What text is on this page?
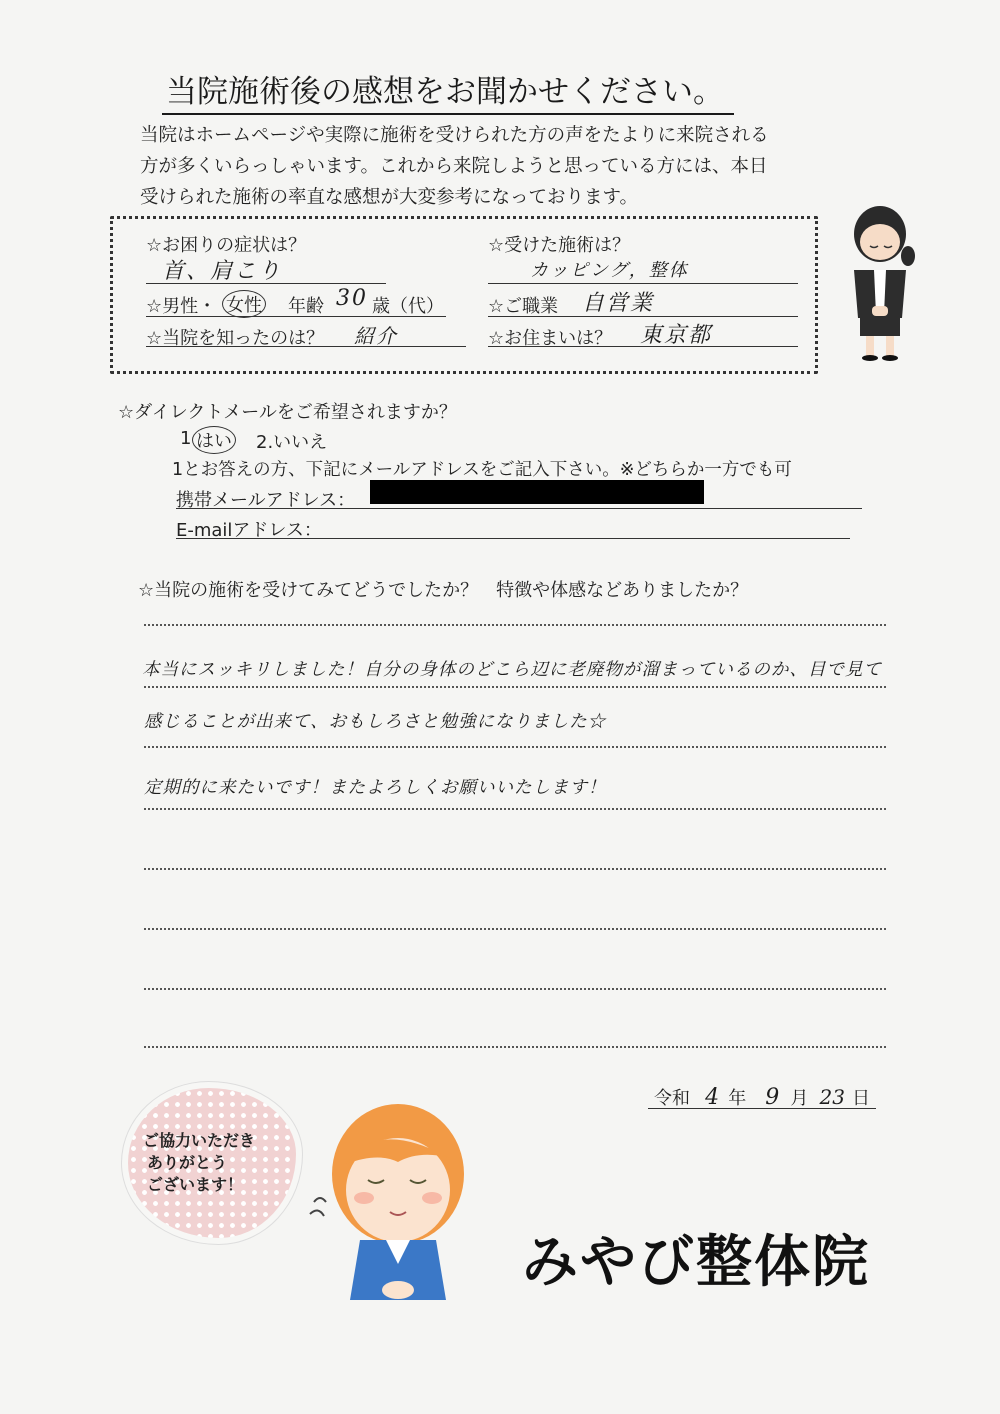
当院施術後の感想をお聞かせください。
当院はホームページや実際に施術を受けられた方の声をたよりに来院される
方が多くいらっしゃいます。これから来院しようと思っている方には、本日
受けられた施術の率直な感想が大変参考になっております。
☆お困りの症状は？
首、肩こり
☆受けた施術は？
カッピング，整体
☆男性・ 女性 年齢 30 歳（代） ☆ご職業 自営業
☆当院を知ったのは？ 紹介	☆お住まいは？ 東京都
☆ダイレクトメールをご希望されますか？
1 はい 2.いいえ
1とお答えの方、下記にメールアドレスをご記入下さい。※どちらか一方でも可
携帯メールアドレス：
E-mailアドレス：
☆当院の施術を受けてみてどうでしたか？　特徴や体感などありましたか？
本当にスッキリしました！自分の身体のどこら辺に老廃物が溜まっているのか、目で見て
感じることが出来て、おもしろさと勉強になりました☆
定期的に来たいです！またよろしくお願いいたします！
令和 4 年 9 月 23 日
ご協力いただき
ありがとう
ございます！
みやび整体院
